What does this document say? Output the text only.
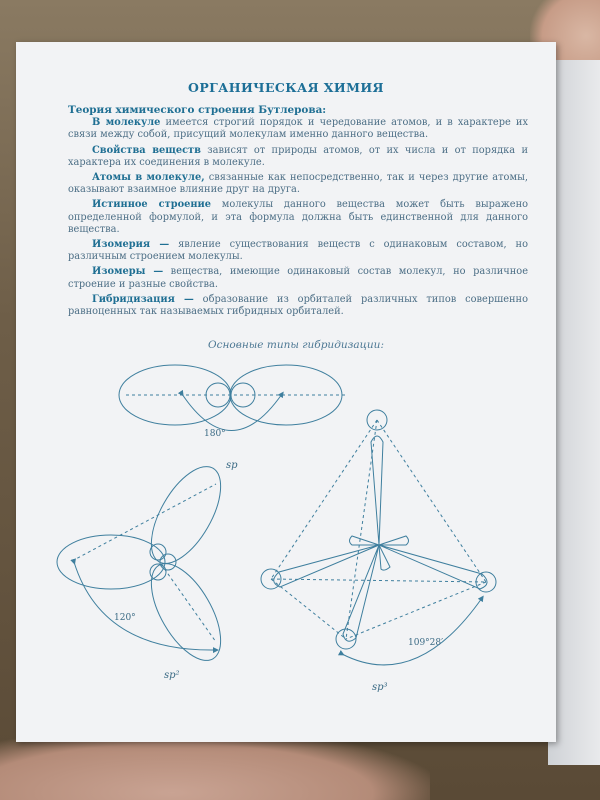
ОРГАНИЧЕСКАЯ ХИМИЯ
Теория химического строения Бутлерова:

В молекуле имеется строгий порядок и чередование атомов, и в характере их связи между собой, присущий молекулам именно данного вещества.

Свойства веществ зависят от природы атомов, от их числа и от порядка и характера их соединения в молекуле.

Атомы в молекуле, связанные как непосредственно, так и через другие атомы, оказывают взаимное влияние друг на друга.

Истинное строение молекулы данного вещества может быть выражено определенной формулой, и эта формула должна быть единственной для данного вещества.

Изомерия — явление существования веществ с одинаковым составом, но различным строением молекулы.

Изомеры — вещества, имеющие одинаковый состав молекул, но различное строение и разные свойства.

Гибридизация — образование из орбиталей различных типов совершенно равноценных так называемых гибридных орбиталей.

Основные типы гибридизации:
180°
sp
120°
sp²
109°28′
sp³
